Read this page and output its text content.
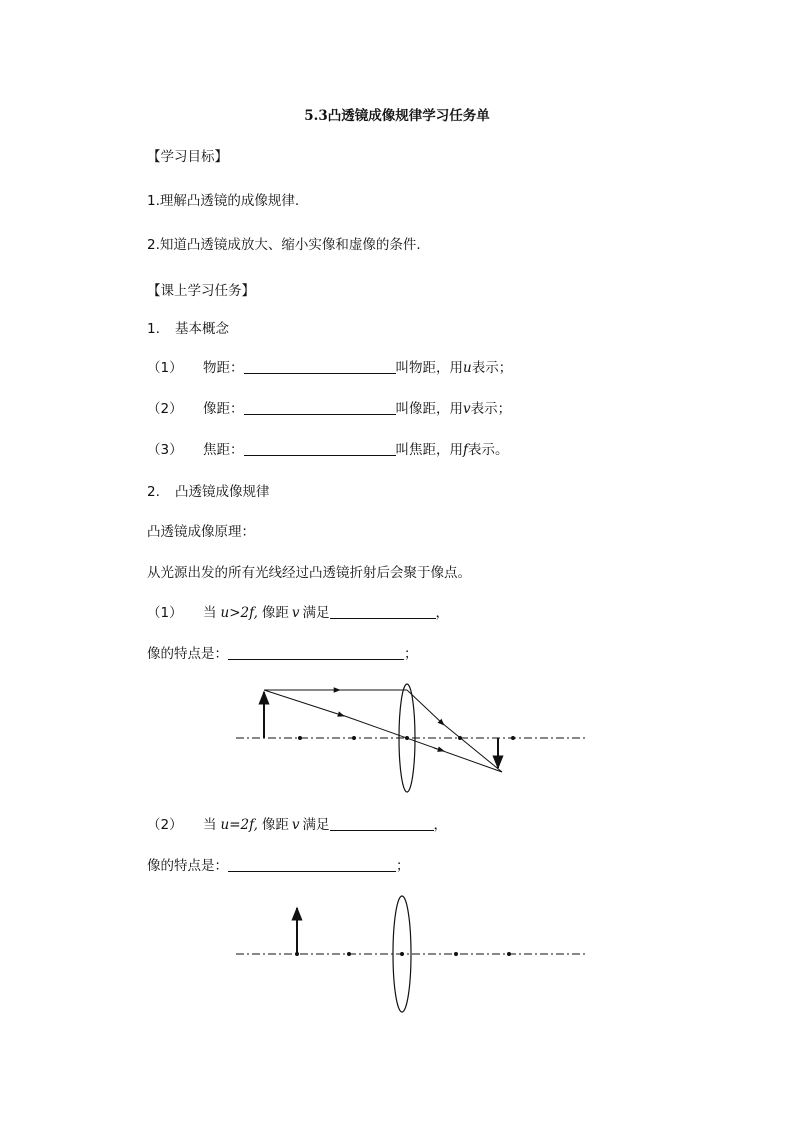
5.3凸透镜成像规律学习任务单
【学习目标】
1.理解凸透镜的成像规律.
2.知道凸透镜成放大、缩小实像和虚像的条件.
【课上学习任务】
1. 基本概念
（1） 物距：	叫物距，用u表示；
（2） 像距：	叫像距，用v表示；
（3） 焦距：	叫焦距，用f表示。
2. 凸透镜成像规律
凸透镜成像原理：
从光源出发的所有光线经过凸透镜折射后会聚于像点。
（1） 当 u>2f, 像距 v 满足	，
像的特点是：	；
（2） 当 u=2f, 像距 v 满足	，
像的特点是：	；
